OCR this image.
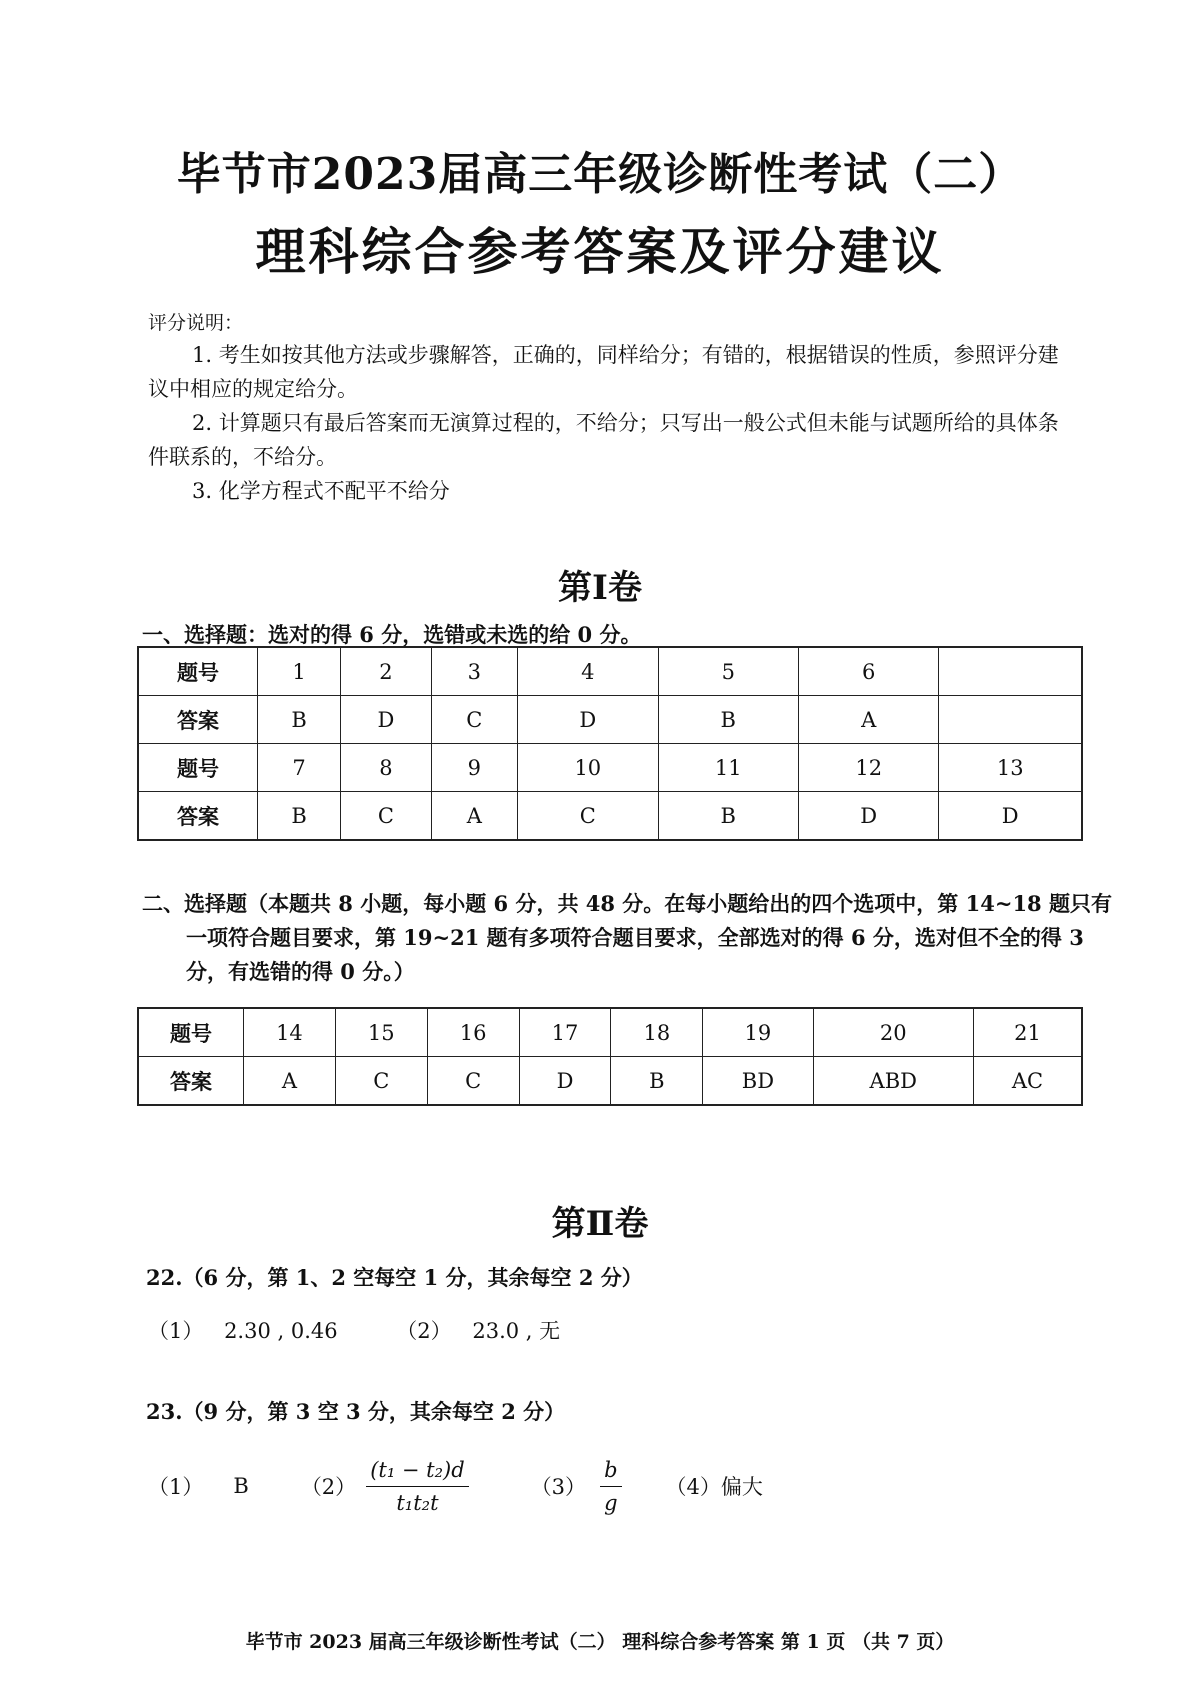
毕节市2023届高三年级诊断性考试（二）
理科综合参考答案及评分建议
评分说明：
1. 考生如按其他方法或步骤解答，正确的，同样给分；有错的，根据错误的性质，参照评分建议中相应的规定给分。
2. 计算题只有最后答案而无演算过程的，不给分；只写出一般公式但未能与试题所给的具体条件联系的，不给分。
3. 化学方程式不配平不给分
第Ⅰ卷
一、选择题：选对的得 6 分，选错或未选的给 0 分。
题号	1	2	3	4	5	6	
答案	B	D	C	D	B	A	
题号	7	8	9	10	11	12	13
答案	B	C	A	C	B	D	D
二、选择题（本题共 8 小题，每小题 6 分，共 48 分。在每小题给出的四个选项中，第 14~18 题只有一项符合题目要求，第 19~21 题有多项符合题目要求，全部选对的得 6 分，选对但不全的得 3 分，有选错的得 0 分。）
题号	14	15	16	17	18	19	20	21
答案	A	C	C	D	B	BD	ABD	AC
第Ⅱ卷
22.（6 分，第 1、2 空每空 1 分，其余每空 2 分）
（1） 2.30 , 0.46	（2） 23.0 , 无
23.（9 分，第 3 空 3 分，其余每空 2 分）
（1） B $(2) \frac{\text{(t₁ − t₂)d}}{\text{t₁t₂t}}$	$(3) \frac{b}{g} (4)$ 偏大
毕节市 2023 届高三年级诊断性考试（二） 理科综合参考答案 第 1 页 （共 7 页）
